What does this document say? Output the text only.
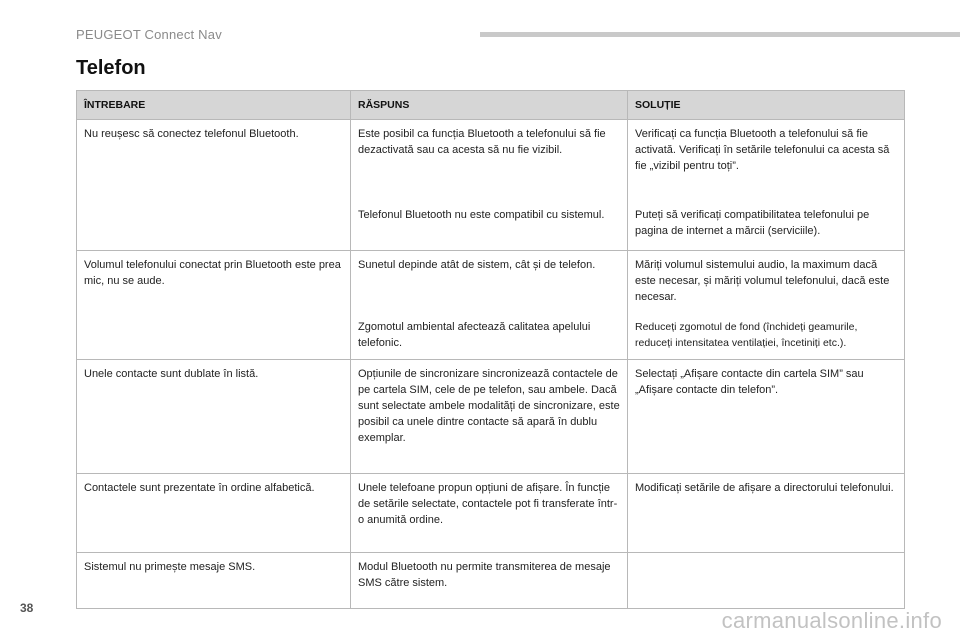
PEUGEOT Connect Nav
Telefon
ÎNTREBARE	RĂSPUNS	SOLUȚIE
Nu reușesc să conectez telefonul Bluetooth.	Este posibil ca funcția Bluetooth a telefonului să fie dezactivată sau ca acesta să nu fie vizibil.	Verificați ca funcția Bluetooth a telefonului să fie activată. Verificați în setările telefonului ca acesta să fie „vizibil pentru toți”.
	Telefonul Bluetooth nu este compatibil cu sistemul.	Puteți să verificați compatibilitatea telefonului pe pagina de internet a mărcii (serviciile).
Volumul telefonului conectat prin Bluetooth este prea mic, nu se aude.	Sunetul depinde atât de sistem, cât și de telefon.	Măriți volumul sistemului audio, la maximum dacă este necesar, și măriți volumul telefonului, dacă este necesar.
	Zgomotul ambiental afectează calitatea apelului telefonic.	Reduceți zgomotul de fond (închideți geamurile, reduceți intensitatea ventilației, încetiniți etc.).
Unele contacte sunt dublate în listă.	Opțiunile de sincronizare sincronizează contactele de pe cartela SIM, cele de pe telefon, sau ambele. Dacă sunt selectate ambele modalități de sincronizare, este posibil ca unele dintre contacte să apară în dublu exemplar.	Selectați „Afișare contacte din cartela SIM” sau „Afișare contacte din telefon”.
Contactele sunt prezentate în ordine alfabetică.	Unele telefoane propun opțiuni de afișare. În funcție de setările selectate, contactele pot fi transferate într-o anumită ordine.	Modificați setările de afișare a directorului telefonului.
Sistemul nu primește mesaje SMS.	Modul Bluetooth nu permite transmiterea de mesaje SMS către sistem.	
38	carmanualsonline.info
